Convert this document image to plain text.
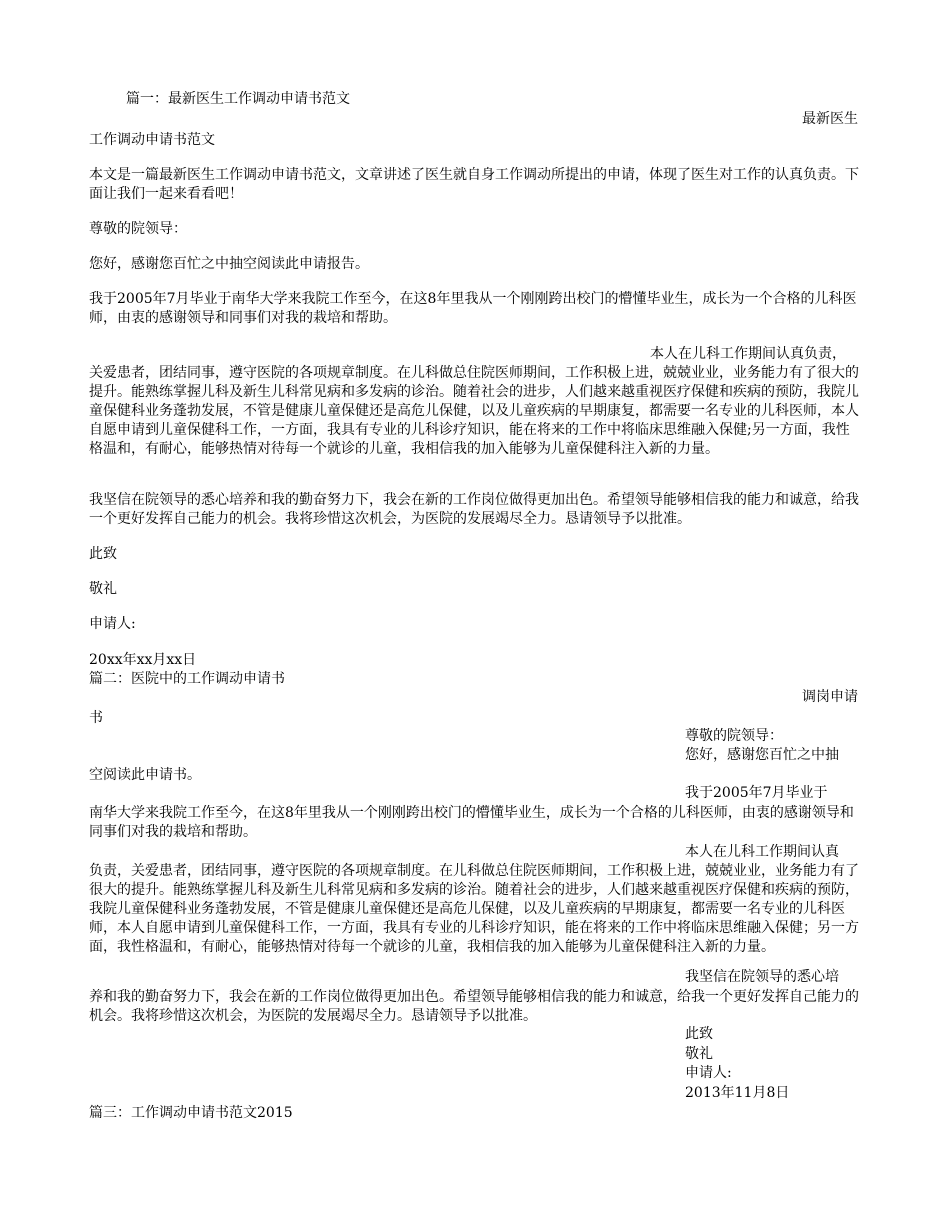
篇一：最新医生工作调动申请书范文
最新医生
工作调动申请书范文
本文是一篇最新医生工作调动申请书范文，文章讲述了医生就自身工作调动所提出的申请，体现了医生对工作的认真负责。下面让我们一起来看看吧！
尊敬的院领导：
您好，感谢您百忙之中抽空阅读此申请报告。
我于2005年7月毕业于南华大学来我院工作至今，在这8年里我从一个刚刚跨出校门的懵懂毕业生，成长为一个合格的儿科医师，由衷的感谢领导和同事们对我的栽培和帮助。
本人在儿科工作期间认真负责，
关爱患者，团结同事，遵守医院的各项规章制度。在儿科做总住院医师期间，工作积极上进，兢兢业业，业务能力有了很大的提升。能熟练掌握儿科及新生儿科常见病和多发病的诊治。随着社会的进步，人们越来越重视医疗保健和疾病的预防，我院儿童保健科业务蓬勃发展，不管是健康儿童保健还是高危儿保健，以及儿童疾病的早期康复，都需要一名专业的儿科医师，本人自愿申请到儿童保健科工作，一方面，我具有专业的儿科诊疗知识，能在将来的工作中将临床思维融入保健;另一方面，我性格温和，有耐心，能够热情对待每一个就诊的儿童，我相信我的加入能够为儿童保健科注入新的力量。
我坚信在院领导的悉心培养和我的勤奋努力下，我会在新的工作岗位做得更加出色。希望领导能够相信我的能力和诚意，给我一个更好发挥自己能力的机会。我将珍惜这次机会，为医院的发展竭尽全力。恳请领导予以批准。
此致
敬礼
申请人:
20xx年xx月xx日
篇二：医院中的工作调动申请书
调岗申请
书
尊敬的院领导：
您好，感谢您百忙之中抽
空阅读此申请书。
我于2005年7月毕业于
南华大学来我院工作至今，在这8年里我从一个刚刚跨出校门的懵懂毕业生，成长为一个合格的儿科医师，由衷的感谢领导和同事们对我的栽培和帮助。
本人在儿科工作期间认真
负责，关爱患者，团结同事，遵守医院的各项规章制度。在儿科做总住院医师期间，工作积极上进，兢兢业业，业务能力有了很大的提升。能熟练掌握儿科及新生儿科常见病和多发病的诊治。随着社会的进步，人们越来越重视医疗保健和疾病的预防，我院儿童保健科业务蓬勃发展，不管是健康儿童保健还是高危儿保健，以及儿童疾病的早期康复，都需要一名专业的儿科医师，本人自愿申请到儿童保健科工作，一方面，我具有专业的儿科诊疗知识，能在将来的工作中将临床思维融入保健；另一方面，我性格温和，有耐心，能够热情对待每一个就诊的儿童，我相信我的加入能够为儿童保健科注入新的力量。
我坚信在院领导的悉心培
养和我的勤奋努力下，我会在新的工作岗位做得更加出色。希望领导能够相信我的能力和诚意，给我一个更好发挥自己能力的机会。我将珍惜这次机会，为医院的发展竭尽全力。恳请领导予以批准。
此致
敬礼
申请人:
2013年11月8日
篇三：工作调动申请书范文2015
